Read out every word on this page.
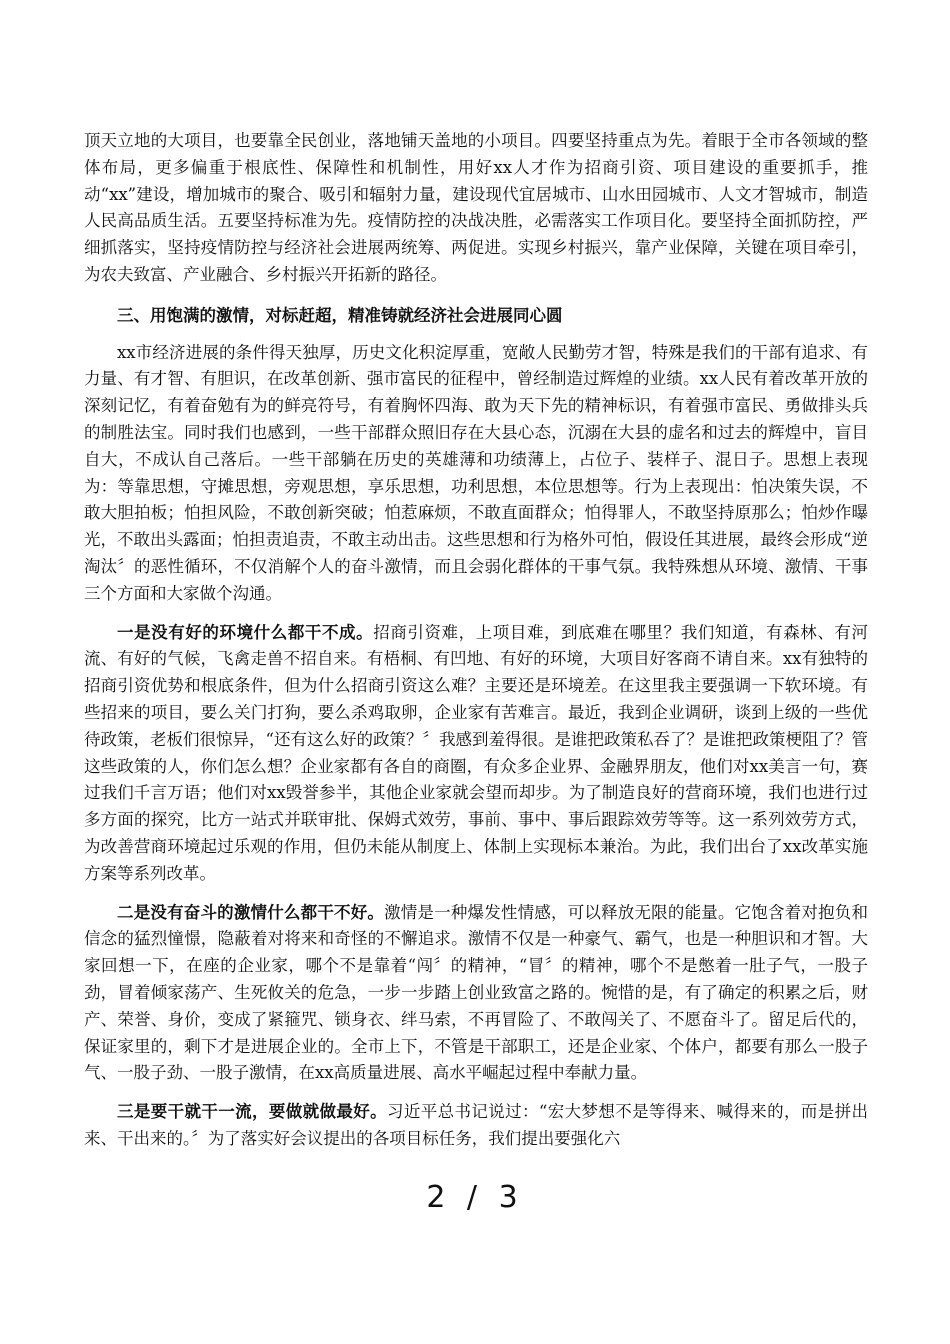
顶天立地的大项目，也要靠全民创业，落地铺天盖地的小项目。四要坚持重点为先。着眼于全市各领域的整体布局，更多偏重于根底性、保障性和机制性，用好xx人才作为招商引资、项目建设的重要抓手，推动“xx”建设，增加城市的聚合、吸引和辐射力量，建设现代宜居城市、山水田园城市、人文才智城市，制造人民高品质生活。五要坚持标准为先。疫情防控的决战决胜，必需落实工作项目化。要坚持全面抓防控，严细抓落实，坚持疫情防控与经济社会进展两统筹、两促进。实现乡村振兴，靠产业保障，关键在项目牵引，为农夫致富、产业融合、乡村振兴开拓新的路径。

三、用饱满的激情，对标赶超，精准铸就经济社会进展同心圆

xx市经济进展的条件得天独厚，历史文化积淀厚重，宽敞人民勤劳才智，特殊是我们的干部有追求、有力量、有才智、有胆识，在改革创新、强市富民的征程中，曾经制造过辉煌的业绩。xx人民有着改革开放的深刻记忆，有着奋勉有为的鲜亮符号，有着胸怀四海、敢为天下先的精神标识，有着强市富民、勇做排头兵的制胜法宝。同时我们也感到，一些干部群众照旧存在大县心态，沉溺在大县的虚名和过去的辉煌中，盲目自大，不成认自己落后。一些干部躺在历史的英雄薄和功绩薄上，占位子、装样子、混日子。思想上表现为：等靠思想，守摊思想，旁观思想，享乐思想，功利思想，本位思想等。行为上表现出：怕决策失误，不敢大胆拍板；怕担风险，不敢创新突破；怕惹麻烦，不敢直面群众；怕得罪人，不敢坚持原那么；怕炒作曝光，不敢出头露面；怕担责追责，不敢主动出击。这些思想和行为格外可怕，假设任其进展，最终会形成“逆淘汰〞的恶性循环，不仅消解个人的奋斗激情，而且会弱化群体的干事气氛。我特殊想从环境、激情、干事三个方面和大家做个沟通。

一是没有好的环境什么都干不成。招商引资难，上项目难，到底难在哪里？我们知道，有森林、有河流、有好的气候，飞禽走兽不招自来。有梧桐、有凹地、有好的环境，大项目好客商不请自来。xx有独特的招商引资优势和根底条件，但为什么招商引资这么难？主要还是环境差。在这里我主要强调一下软环境。有些招来的项目，要么关门打狗，要么杀鸡取卵，企业家有苦难言。最近，我到企业调研，谈到上级的一些优待政策，老板们很惊异，“还有这么好的政策？〞我感到羞得很。是谁把政策私吞了？是谁把政策梗阻了？管这些政策的人，你们怎么想？企业家都有各自的商圈，有众多企业界、金融界朋友，他们对xx美言一句，赛过我们千言万语；他们对xx毁誉参半，其他企业家就会望而却步。为了制造良好的营商环境，我们也进行过多方面的探究，比方一站式并联审批、保姆式效劳，事前、事中、事后跟踪效劳等等。这一系列效劳方式，为改善营商环境起过乐观的作用，但仍未能从制度上、体制上实现标本兼治。为此，我们出台了xx改革实施方案等系列改革。

二是没有奋斗的激情什么都干不好。激情是一种爆发性情感，可以释放无限的能量。它饱含着对抱负和信念的猛烈憧憬，隐蔽着对将来和奇怪的不懈追求。激情不仅是一种豪气、霸气，也是一种胆识和才智。大家回想一下，在座的企业家，哪个不是靠着“闯〞的精神，“冒〞的精神，哪个不是憋着一肚子气，一股子劲，冒着倾家荡产、生死攸关的危急，一步一步踏上创业致富之路的。惋惜的是，有了确定的积累之后，财产、荣誉、身价，变成了紧箍咒、锁身衣、绊马索，不再冒险了、不敢闯关了、不愿奋斗了。留足后代的，保证家里的，剩下才是进展企业的。全市上下，不管是干部职工，还是企业家、个体户，都要有那么一股子气、一股子劲、一股子激情，在xx高质量进展、高水平崛起过程中奉献力量。

三是要干就干一流，要做就做最好。习近平总书记说过：“宏大梦想不是等得来、喊得来的，而是拼出来、干出来的。〞为了落实好会议提出的各项目标任务，我们提出要强化六

2 / 3
